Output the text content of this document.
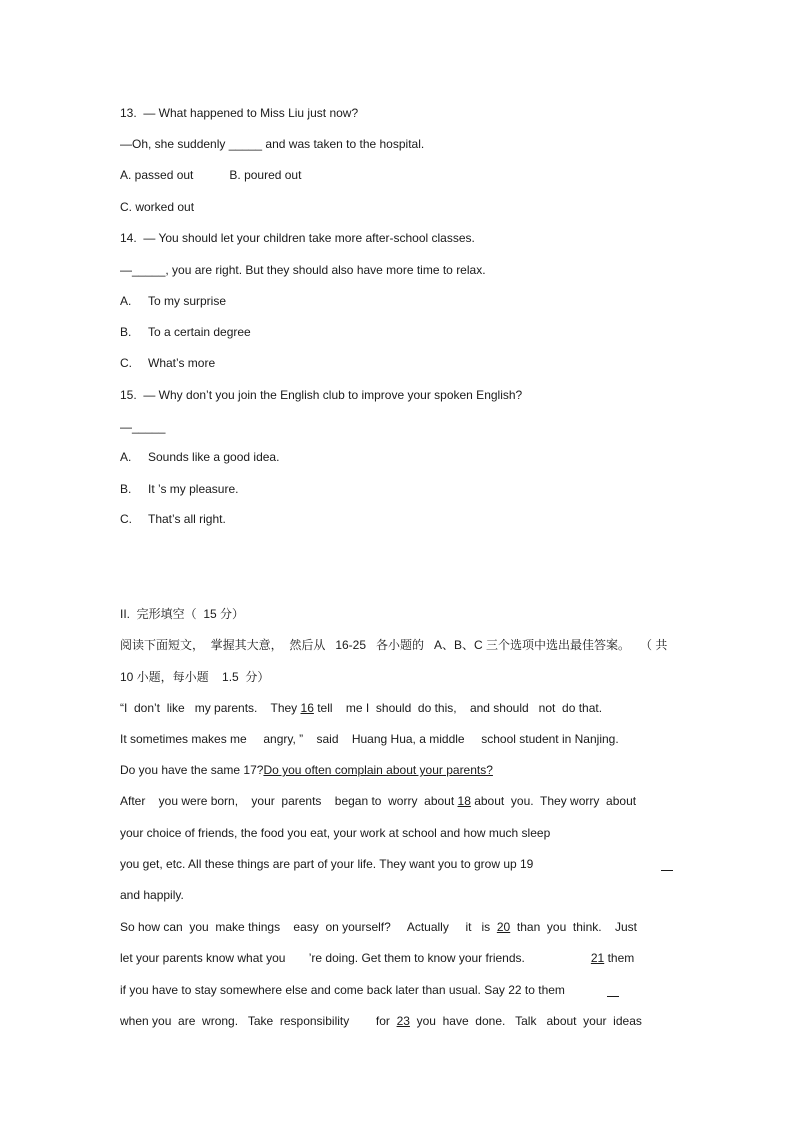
13.  — What happened to Miss Liu just now?
—Oh, she suddenly _____ and was taken to the hospital.
A. passed out	B. poured out
C. worked out
14.  — You should let your children take more after-school classes.
—_____, you are right. But they should also have more time to relax.
A. To my surprise
B. To a certain degree
C. What’s more
15.  — Why don’t you join the English club to improve your spoken English?
—_____
A. Sounds like a good idea.
B. It ’s my pleasure.
C. That’s all right.
II.  完形填空（  15 分）
阅读下面短文，  掌握其大意，  然后从   16-25   各小题的   A、B、C 三个选项中选出最佳答案。   （ 共
10 小题，每小题    1.5  分）
“I  don’t  like   my parents.    They 16 tell    me I  should  do this,    and should   not  do that.
It sometimes makes me     angry, ”    said    Huang Hua, a middle     school student in Nanjing.
Do you have the same 17?Do you often complain about your parents?
After    you were born,    your  parents    began to  worry  about 18 about  you.  They worry  about
your choice of friends, the food you eat, your work at school and how much sleep
you get, etc. All these things are part of your life. They want you to grow up 19
and happily.
So how can  you  make things    easy  on yourself?     Actually     it   is  20  than  you  think.    Just
let your parents know what you       ’re doing. Get them to know your friends.	21 them
if you have to stay somewhere else and come back later than usual. Say 22 to them
when you  are  wrong.   Take  responsibility        for  23  you  have  done.   Talk   about  your  ideas
